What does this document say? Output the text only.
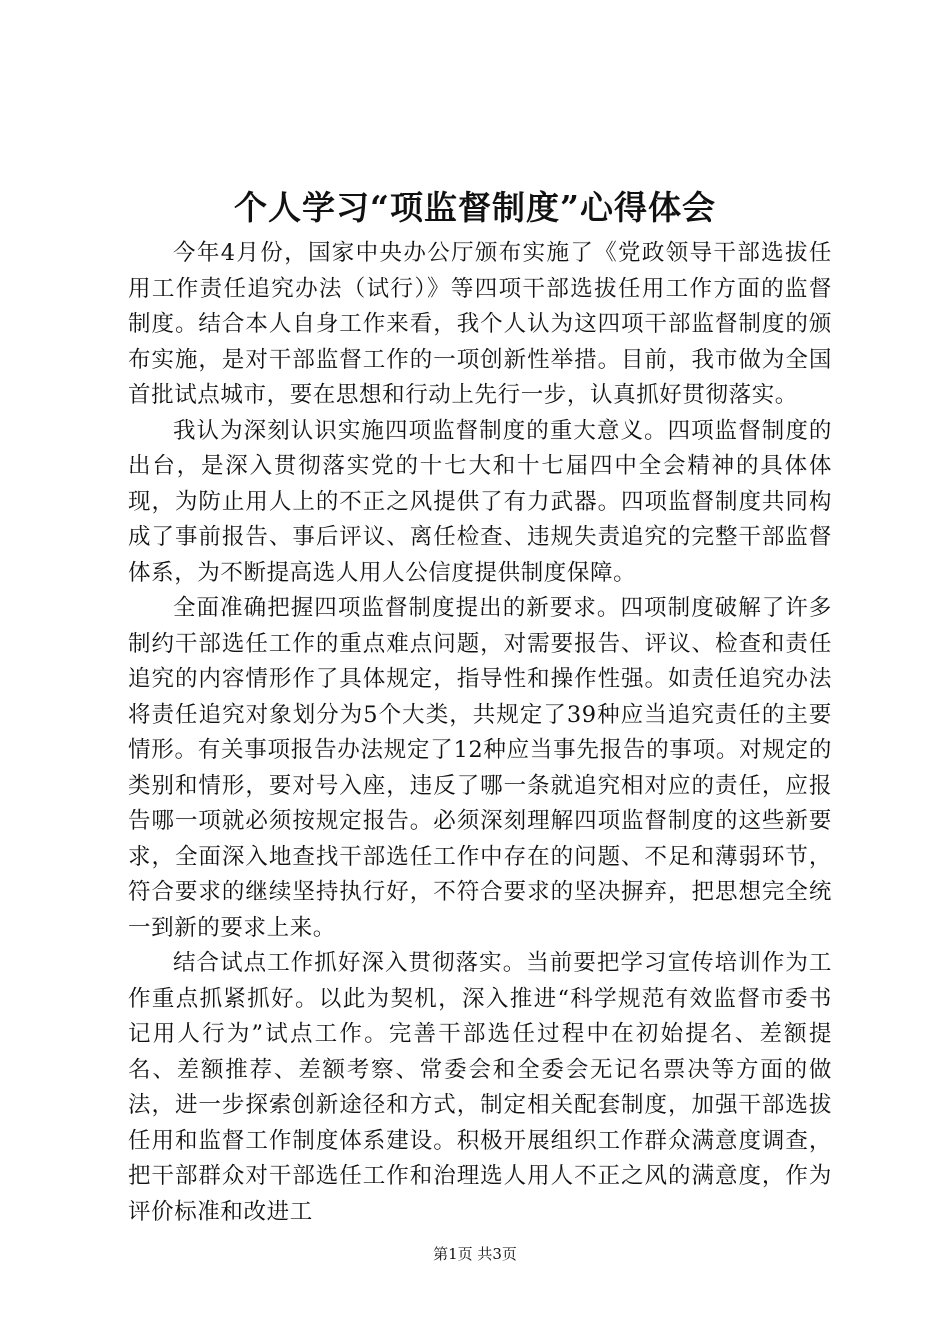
个人学习“项监督制度”心得体会

今年4月份，国家中央办公厅颁布实施了《党政领导干部选拔任用工作责任追究办法（试行）》等四项干部选拔任用工作方面的监督制度。结合本人自身工作来看，我个人认为这四项干部监督制度的颁布实施，是对干部监督工作的一项创新性举措。目前，我市做为全国首批试点城市，要在思想和行动上先行一步，认真抓好贯彻落实。

我认为深刻认识实施四项监督制度的重大意义。四项监督制度的出台，是深入贯彻落实党的十七大和十七届四中全会精神的具体体现，为防止用人上的不正之风提供了有力武器。四项监督制度共同构成了事前报告、事后评议、离任检查、违规失责追究的完整干部监督体系，为不断提高选人用人公信度提供制度保障。

全面准确把握四项监督制度提出的新要求。四项制度破解了许多制约干部选任工作的重点难点问题，对需要报告、评议、检查和责任追究的内容情形作了具体规定，指导性和操作性强。如责任追究办法将责任追究对象划分为5个大类，共规定了39种应当追究责任的主要情形。有关事项报告办法规定了12种应当事先报告的事项。对规定的类别和情形，要对号入座，违反了哪一条就追究相对应的责任，应报告哪一项就必须按规定报告。必须深刻理解四项监督制度的这些新要求，全面深入地查找干部选任工作中存在的问题、不足和薄弱环节，符合要求的继续坚持执行好，不符合要求的坚决摒弃，把思想完全统一到新的要求上来。

结合试点工作抓好深入贯彻落实。当前要把学习宣传培训作为工作重点抓紧抓好。以此为契机，深入推进“科学规范有效监督市委书记用人行为”试点工作。完善干部选任过程中在初始提名、差额提名、差额推荐、差额考察、常委会和全委会无记名票决等方面的做法，进一步探索创新途径和方式，制定相关配套制度，加强干部选拔任用和监督工作制度体系建设。积极开展组织工作群众满意度调查，把干部群众对干部选任工作和治理选人用人不正之风的满意度，作为评价标准和改进工

第1页 共3页
